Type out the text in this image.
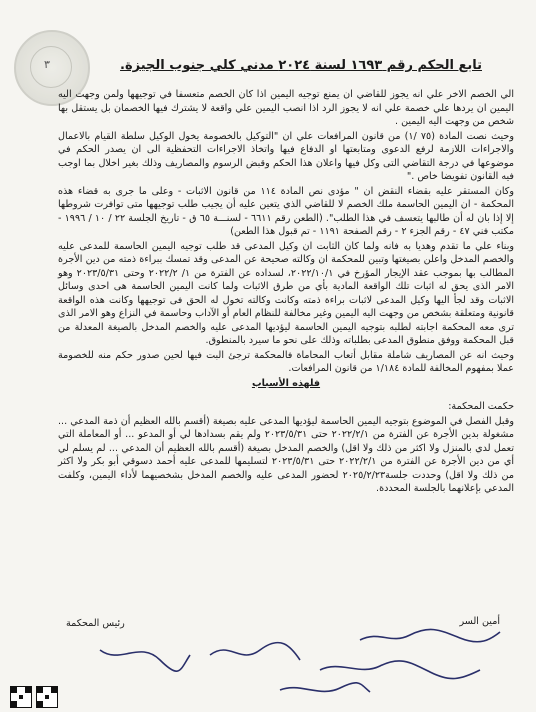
٣	تابع الحكم رقم ١٦٩٣ لسنة ٢٠٢٤ مدني كلي جنوب الجيزة.

الي الخصم الاخر علي انه يجوز للقاضي ان يمنع توجيه اليمين اذا كان الخصم متعسفا في توجيهها ولمن وجهت اليه اليمين ان يردها علي خصمة علي انه لا يجوز الرد اذا انصب اليمين علي واقعة لا يشترك فيها الخصمان بل يستقل بها شخص من وجهت اليه اليمين .

وحيث نصت المادة (٧٥ /١) من قانون المرافعات علي ان "التوكيل بالخصومة يخول الوكيل سلطة القيام بالاعمال والاجراءات اللازمة لرفع الدعوى ومتابعتها او الدفاع فيها واتخاذ الاجراءات التحفظية الى ان يصدر الحكم في موضوعها في درجة التقاضي التى وكل فيها واعلان هذا الحكم وقبض الرسوم والمصاريف وذلك بغير اخلال بما اوجب فيه القانون تفويضا خاص ."

وكان المستقر عليه بقضاء النقض ان " مؤدى نص المادة ١١٤ من قانون الاثبات - وعلى ما جرى به قضاء هذه المحكمة - ان اليمين الحاسمة ملك الخصم لا للقاضي الذي يتعين عليه أن يجيب طلب توجيهها متى توافرت شروطها إلا إذا بان له أن طالبها يتعسف في هذا الطلب". (الطعن رقم ٦٦١١ - لسنـــة ٦٥ ق - تاريخ الجلسة ٢٢ / ١٠ / ١٩٩٦ - مكتب فني ٤٧ - رقم الجزء ٢ - رقم الصفحة ١١٩١ - تم قبول هذا الطعن)

وبناء علي ما تقدم وهديا به فانه ولما كان الثابت ان وكيل المدعى قد طلب توجيه اليمين الحاسمة للمدعى عليه والخصم المدخل واعلن بصيغتها وتبين للمحكمة ان وكالته صحيحة عن المدعى وقد تمسك ببراءة ذمته من دين الأجرة المطالب بها بموجب عقد الإيجار المؤرخ في ٢٠٢٢/١٠/١، لسداده عن الفترة من ١/ ٢٠٢٢/٢ وحتى ٢٠٢٣/٥/٣١ وهو الامر الذى يحق له اثبات تلك الواقعة المادية بأي من طرق الاثبات ولما كانت اليمين الحاسمة هى احدى وسائل الاثبات وقد لجأ اليها وكيل المدعى لاثبات براءة ذمته وكانت وكالته تخول له الحق فى توجيهها وكانت هذه الواقعة قانونية ومتعلقة بشخص من وجهت اليه اليمين وغير مخالفة للنظام العام أو الآداب وحاسمة في النزاع وهو الامر الذى ترى معه المحكمة اجابته لطلبه بتوجيه اليمين الحاسمة ليؤديها المدعى عليه والخصم المدخل بالصيغة المعدلة من قبل المحكمة ووفق منطوق المدعى بطلباته وذلك على نحو ما سيرد بالمنطوق.

وحيث انه عن المصاريف شاملة مقابل أتعاب المحاماة فالمحكمة ترجئ البت فيها لحين صدور حكم منه للخصومة عملا بمفهوم المخالفة للمادة ١/١٨٤ من قانون المرافعات.

فلهذه الأسباب

حكمت المحكمة:

وقبل الفصل في الموضوع بتوجيه اليمين الحاسمة ليؤديها المدعى عليه بصيغة (أقسم بالله العظيم أن ذمة المدعي ... مشغولة بدين الأجرة عن الفترة من ٢٠٢٢/٢/١ حتى ٢٠٢٣/٥/٣١ ولم يقم بسدادها لي أو المدعو ... أو المعاملة التي تعمل لدي بالمنزل ولا اكثر من ذلك ولا اقل) والخصم المدخل بصيغة (أقسم بالله العظيم أن المدعي ... لم يسلم لي أي من دين الأجرة عن الفترة من ٢٠٢٢/٢/١ حتى ٢٠٢٣/٥/٣١ لتسليمها للمدعى عليه أحمد دسوقي أبو بكر ولا اكثر من ذلك ولا اقل) وحددت جلسة٢٠٢٥/٢/٢٣ لحضور المدعى عليه والخصم المدخل بشخصيهما لأداء اليمين، وكلفت المدعي بإعلانهما بالجلسة المحددة.

أمين السر
رئيس المحكمة
